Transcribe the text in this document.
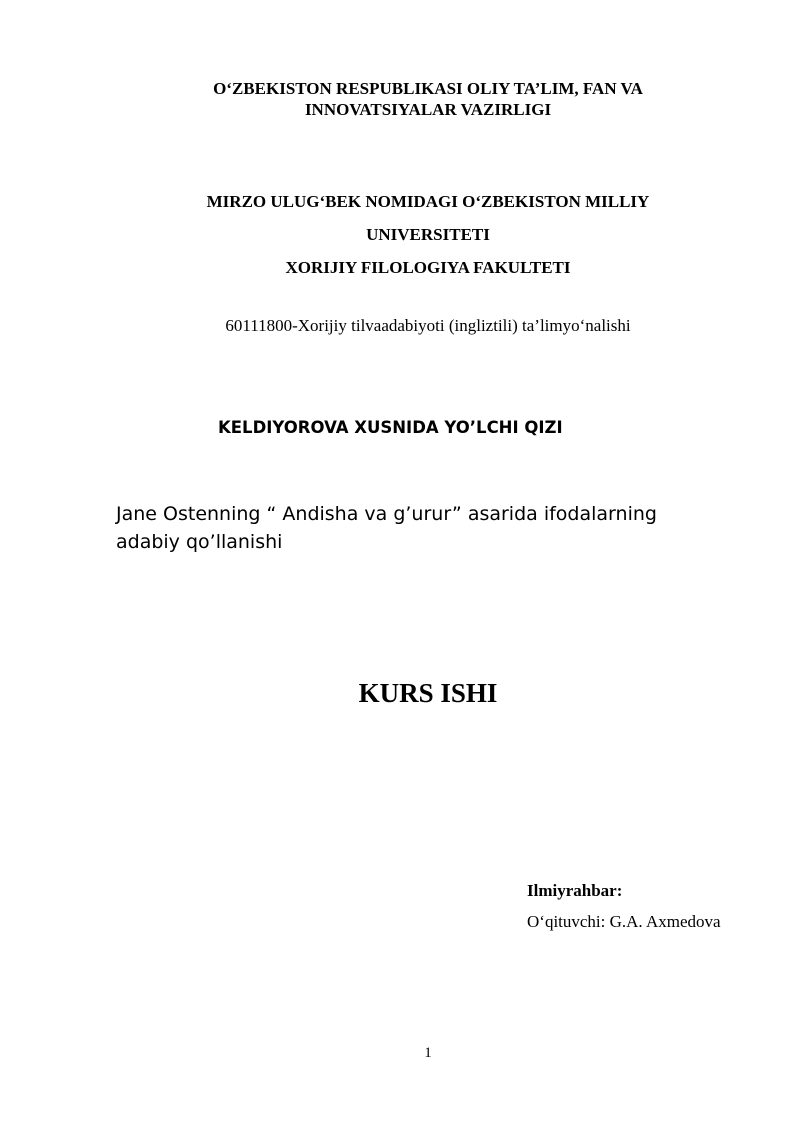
O‘ZBEKISTON RESPUBLIKASI OLIY TA’LIM, FAN VA
INNOVATSIYALAR VAZIRLIGI
MIRZO ULUG‘BEK NOMIDAGI O‘ZBEKISTON MILLIY
UNIVERSITETI
XORIJIY FILOLOGIYA FAKULTETI
60111800-Xorijiy tilvaadabiyoti (ingliztili) ta’limyo‘nalishi
KELDIYOROVA XUSNIDA YO’LCHI QIZI
Jane Ostenning “ Andisha va g’urur” asarida ifodalarning adabiy qo’llanishi
KURS ISHI
Ilmiyrahbar:
O‘qituvchi: G.A. Axmedova
1
